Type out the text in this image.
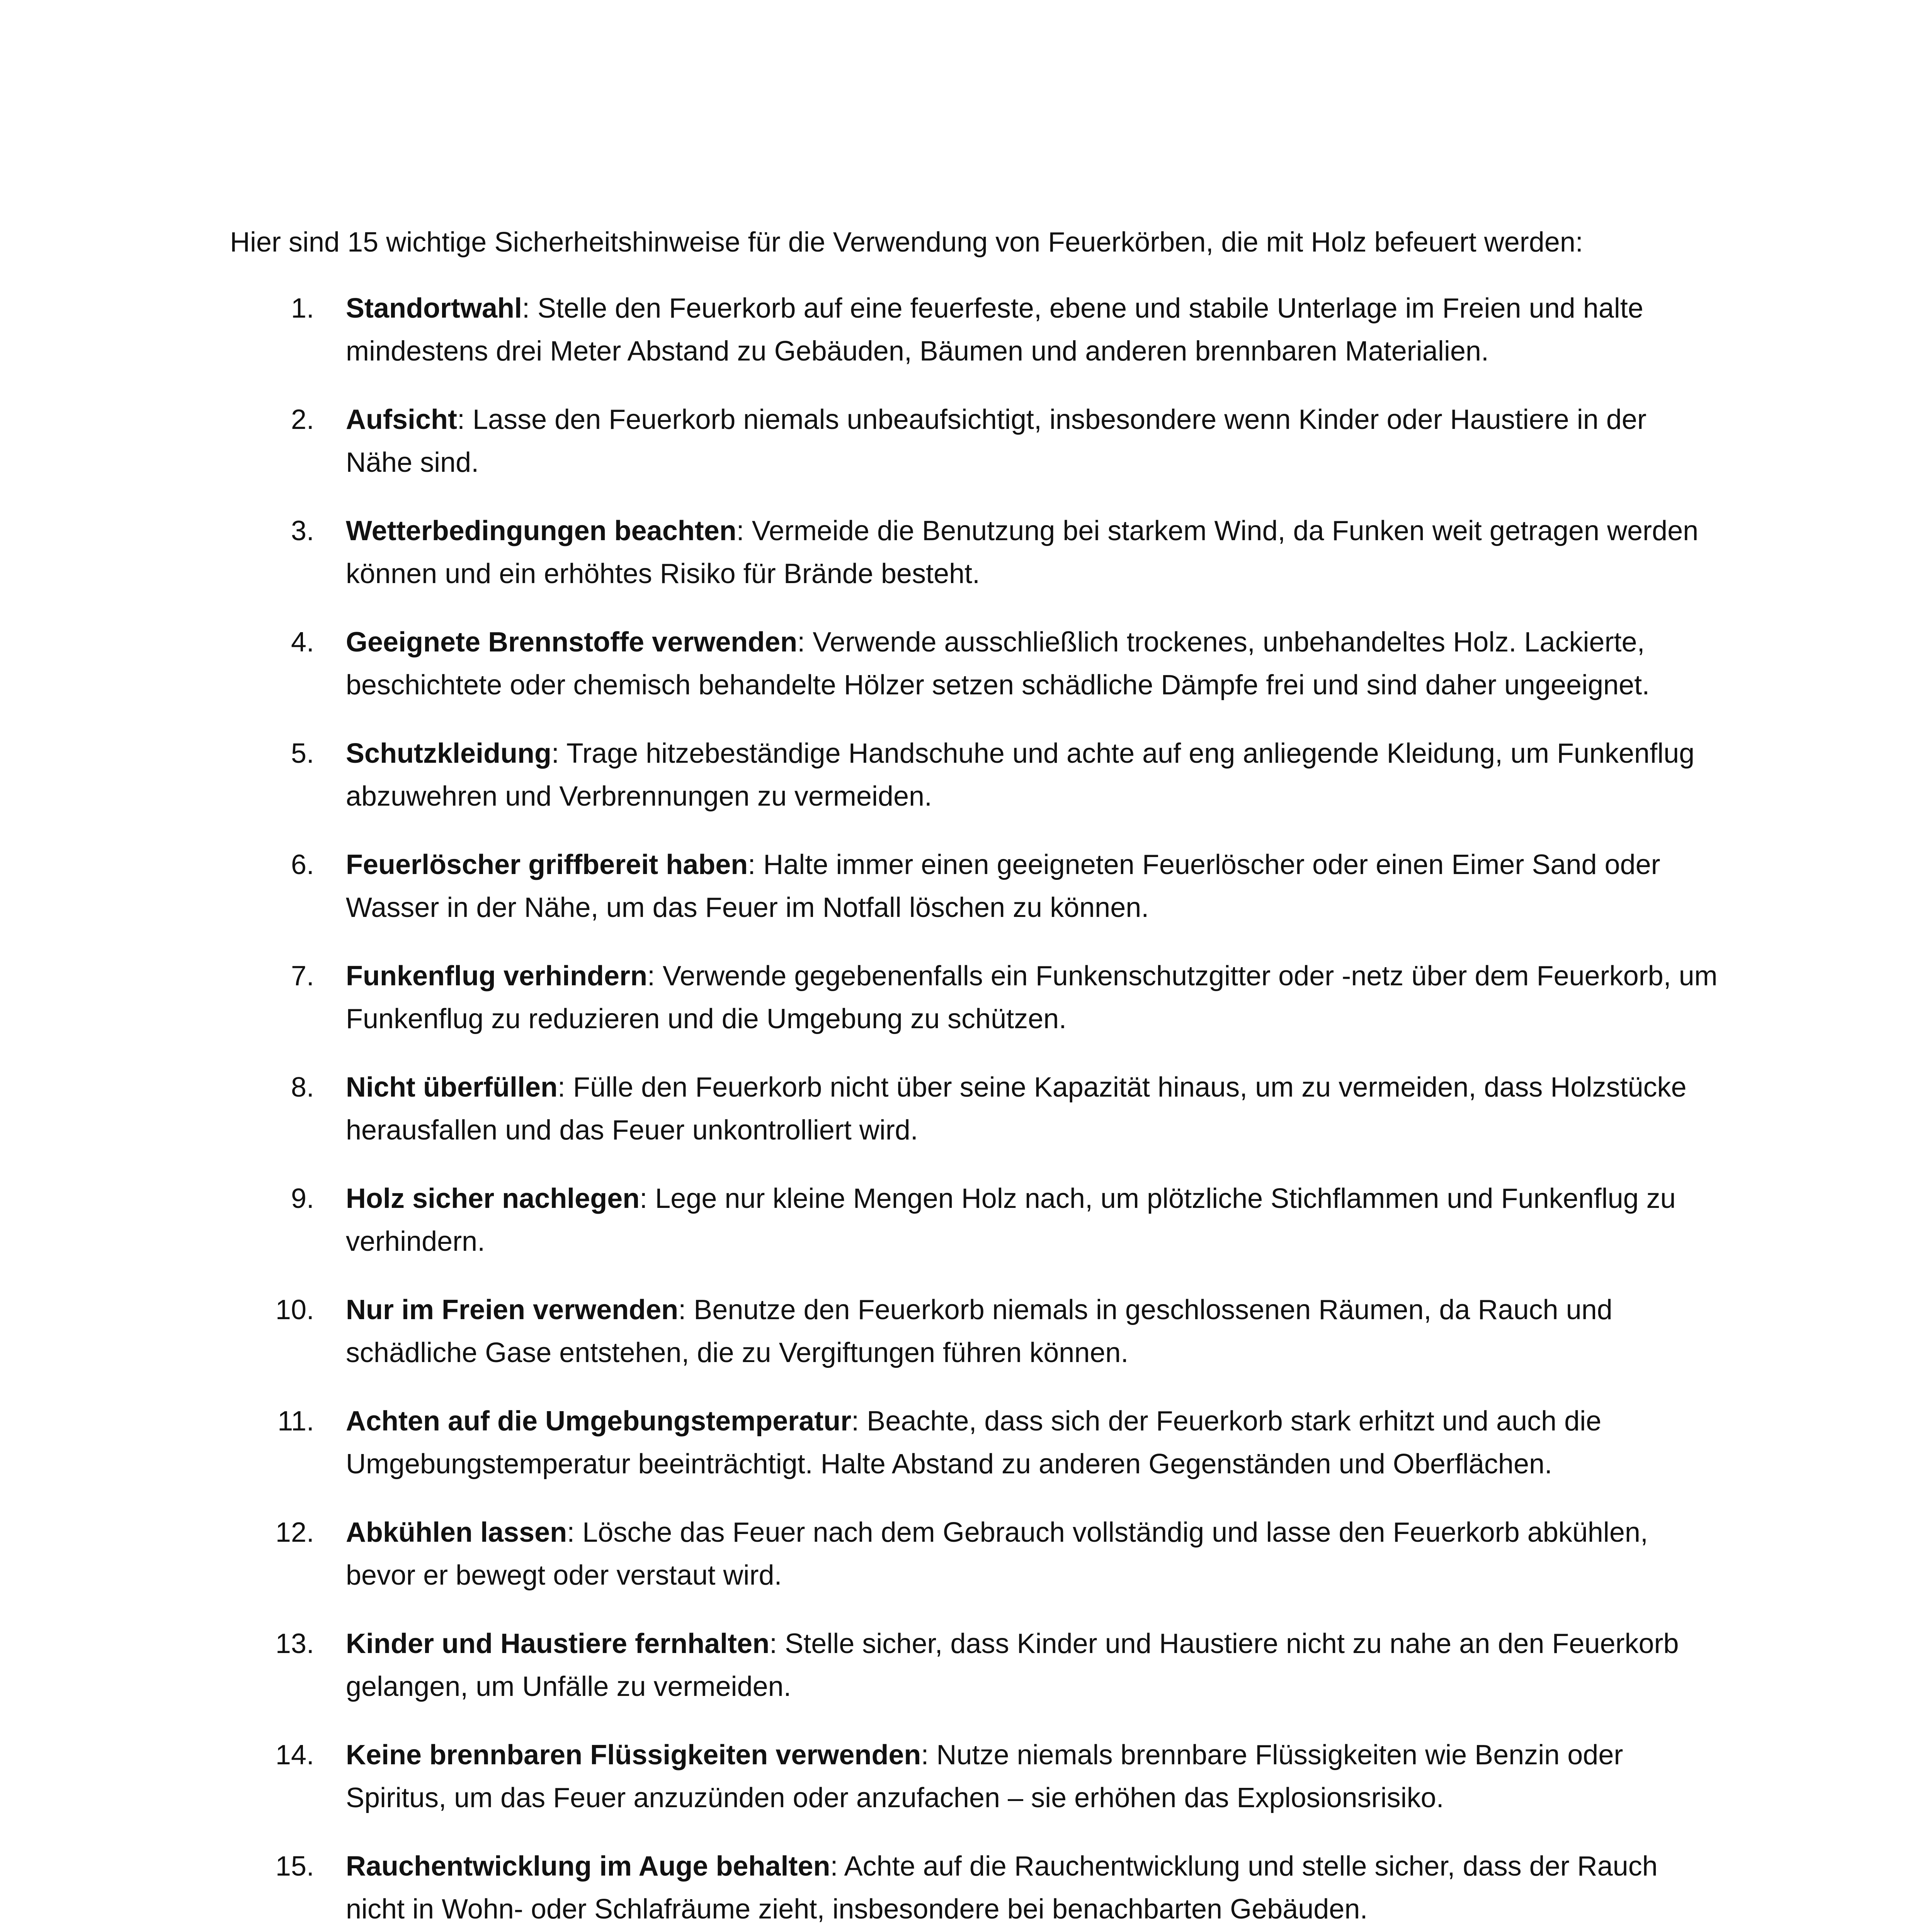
Hier sind 15 wichtige Sicherheitshinweise für die Verwendung von Feuerkörben, die mit Holz befeuert werden:

1. Standortwahl: Stelle den Feuerkorb auf eine feuerfeste, ebene und stabile Unterlage im Freien und halte mindestens drei Meter Abstand zu Gebäuden, Bäumen und anderen brennbaren Materialien.
2. Aufsicht: Lasse den Feuerkorb niemals unbeaufsichtigt, insbesondere wenn Kinder oder Haustiere in der Nähe sind.
3. Wetterbedingungen beachten: Vermeide die Benutzung bei starkem Wind, da Funken weit getragen werden können und ein erhöhtes Risiko für Brände besteht.
4. Geeignete Brennstoffe verwenden: Verwende ausschließlich trockenes, unbehandeltes Holz. Lackierte, beschichtete oder chemisch behandelte Hölzer setzen schädliche Dämpfe frei und sind daher ungeeignet.
5. Schutzkleidung: Trage hitzebeständige Handschuhe und achte auf eng anliegende Kleidung, um Funkenflug abzuwehren und Verbrennungen zu vermeiden.
6. Feuerlöscher griffbereit haben: Halte immer einen geeigneten Feuerlöscher oder einen Eimer Sand oder Wasser in der Nähe, um das Feuer im Notfall löschen zu können.
7. Funkenflug verhindern: Verwende gegebenenfalls ein Funkenschutzgitter oder -netz über dem Feuerkorb, um Funkenflug zu reduzieren und die Umgebung zu schützen.
8. Nicht überfüllen: Fülle den Feuerkorb nicht über seine Kapazität hinaus, um zu vermeiden, dass Holzstücke herausfallen und das Feuer unkontrolliert wird.
9. Holz sicher nachlegen: Lege nur kleine Mengen Holz nach, um plötzliche Stichflammen und Funkenflug zu verhindern.
10. Nur im Freien verwenden: Benutze den Feuerkorb niemals in geschlossenen Räumen, da Rauch und schädliche Gase entstehen, die zu Vergiftungen führen können.
11. Achten auf die Umgebungstemperatur: Beachte, dass sich der Feuerkorb stark erhitzt und auch die Umgebungstemperatur beeinträchtigt. Halte Abstand zu anderen Gegenständen und Oberflächen.
12. Abkühlen lassen: Lösche das Feuer nach dem Gebrauch vollständig und lasse den Feuerkorb abkühlen, bevor er bewegt oder verstaut wird.
13. Kinder und Haustiere fernhalten: Stelle sicher, dass Kinder und Haustiere nicht zu nahe an den Feuerkorb gelangen, um Unfälle zu vermeiden.
14. Keine brennbaren Flüssigkeiten verwenden: Nutze niemals brennbare Flüssigkeiten wie Benzin oder Spiritus, um das Feuer anzuzünden oder anzufachen – sie erhöhen das Explosionsrisiko.
15. Rauchentwicklung im Auge behalten: Achte auf die Rauchentwicklung und stelle sicher, dass der Rauch nicht in Wohn- oder Schlafräume zieht, insbesondere bei benachbarten Gebäuden.
